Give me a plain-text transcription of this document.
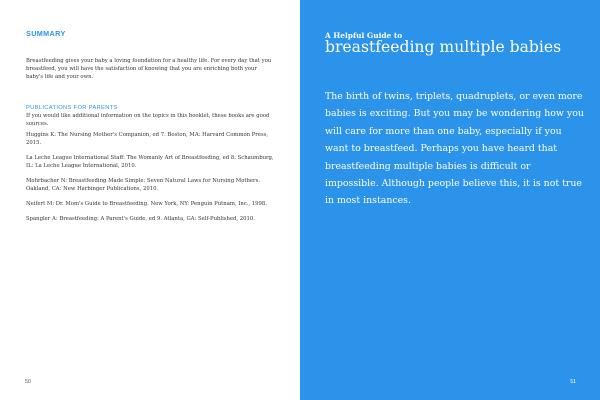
SUMMARY

Breastfeeding gives your baby a loving foundation for a healthy life. For every day that you breastfeed, you will have the satisfaction of knowing that you are enriching both your baby's life and your own.

PUBLICATIONS FOR PARENTS

If you would like additional information on the topics in this booklet, these books are good sources.

Huggins K: The Nursing Mother's Companion, ed 7. Boston, MA: Harvard Common Press, 2015.
La Leche League International Staff: The Womanly Art of Breastfeeding, ed 8. Schaumburg, IL: La Leche League International, 2010.
Mohrbacher N: Breastfeeding Made Simple: Seven Natural Laws for Nursing Mothers. Oakland, CA: New Harbinger Publications, 2010.
Neifert M: Dr. Mom's Guide to Breastfeeding. New York, NY: Penguin Putnam, Inc., 1998.
Spangler A: Breastfeeding: A Parent's Guide, ed 9. Atlanta, GA: Self-Published, 2010.
50
A Helpful Guide to
breastfeeding multiple babies

The birth of twins, triplets, quadruplets, or even more babies is exciting. But you may be wondering how you will care for more than one baby, especially if you want to breastfeed. Perhaps you have heard that breastfeeding multiple babies is difficult or impossible. Although people believe this, it is not true in most instances.

51
